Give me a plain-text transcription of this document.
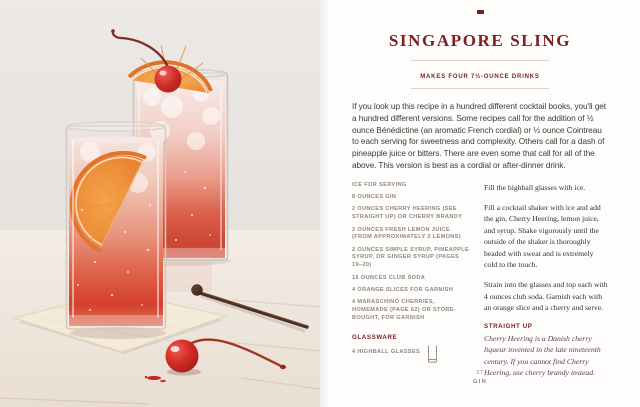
SINGAPORE SLING
MAKES FOUR 7½-OUNCE DRINKS

If you look up this recipe in a hundred different cocktail books, you'll get a hundred different versions. Some recipes call for the addition of ½ ounce Bénédictine (an aromatic French cordial) or ½ ounce Cointreau to each serving for sweetness and complexity. Others call for a dash of pineapple juice or bitters. There are even some that call for all of the above. This version is best as a cordial or after-dinner drink.

ICE FOR SERVING
8 OUNCES GIN
2 OUNCES CHERRY HEERING (SEE STRAIGHT UP) OR CHERRY BRANDY
2 OUNCES FRESH LEMON JUICE (FROM APPROXIMATELY 2 LEMONS)
2 OUNCES SIMPLE SYRUP, PINEAPPLE SYRUP, OR GINGER SYRUP (PAGES 19–20)
16 OUNCES CLUB SODA
4 ORANGE SLICES FOR GARNISH
4 MARASCHINO CHERRIES, HOMEMADE (PAGE 62) OR STORE-BOUGHT, FOR GARNISH
GLASSWARE
4 HIGHBALL GLASSES

Fill the highball glasses with ice.

Fill a cocktail shaker with ice and add the gin, Cherry Heering, lemon juice, and syrup. Shake vigorously until the outside of the shaker is thoroughly beaded with sweat and is extremely cold to the touch.

Strain into the glasses and top each with 4 ounces club soda. Garnish each with an orange slice and a cherry and serve.

STRAIGHT UP

Cherry Heering is a Danish cherry liqueur invented in the late nineteenth century. If you cannot find Cherry Heering, use cherry brandy instead.

27
GIN
